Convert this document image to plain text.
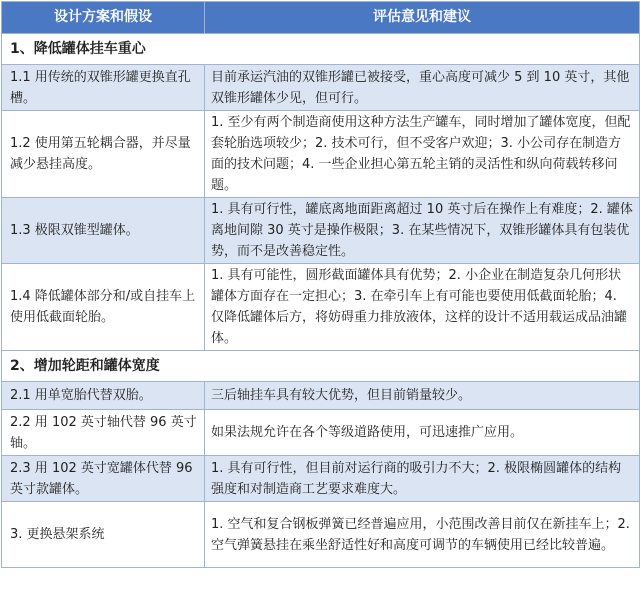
设计方案和假设	评估意见和建议
1、降低罐体挂车重心	
1.1 用传统的双锥形罐更换直孔槽。	目前承运汽油的双锥形罐已被接受，重心高度可减少 5 到 10 英寸，其他双锥形罐体少见，但可行。
1.2 使用第五轮耦合器，并尽量减少悬挂高度。	1. 至少有两个制造商使用这种方法生产罐车，同时增加了罐体宽度，但配套轮胎选项较少；2. 技术可行，但不受客户欢迎；3. 小公司存在制造方面的技术问题；4. 一些企业担心第五轮主销的灵活性和纵向荷载转移问题。
1.3 极限双锥型罐体。	1. 具有可行性，罐底离地面距离超过 10 英寸后在操作上有难度；2. 罐体离地间隙 30 英寸是操作极限；3. 在某些情况下，双锥形罐体具有包装优势，而不是改善稳定性。
1.4 降低罐体部分和/或自挂车上使用低截面轮胎。	1. 具有可能性，圆形截面罐体具有优势；2. 小企业在制造复杂几何形状罐体方面存在一定担心；3. 在牵引车上有可能也要使用低截面轮胎；4. 仅降低罐体后方，将妨碍重力排放液体，这样的设计不适用载运成品油罐体。
2、增加轮距和罐体宽度	
2.1 用单宽胎代替双胎。	三后轴挂车具有较大优势，但目前销量较少。
2.2 用 102 英寸轴代替 96 英寸轴。	如果法规允许在各个等级道路使用，可迅速推广应用。
2.3 用 102 英寸宽罐体代替 96 英寸款罐体。	1. 具有可行性，但目前对运行商的吸引力不大；2. 极限椭圆罐体的结构强度和对制造商工艺要求难度大。
3. 更换悬架系统	1. 空气和复合钢板弹簧已经普遍应用，小范围改善目前仅在新挂车上；2. 空气弹簧悬挂在乘坐舒适性好和高度可调节的车辆使用已经比较普遍。
